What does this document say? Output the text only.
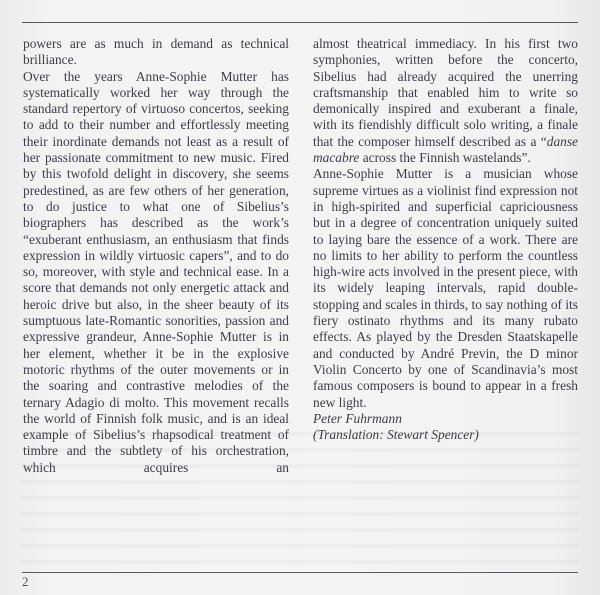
powers are as much in demand as technical brilliance.

Over the years Anne-Sophie Mutter has systematically worked her way through the standard repertory of virtuoso concertos, seeking to add to their number and effortlessly meeting their inordinate demands not least as a result of her passionate commitment to new music. Fired by this twofold delight in discovery, she seems predestined, as are few others of her generation, to do justice to what one of Sibelius’s biographers has described as the work’s “exuberant enthusiasm, an enthusiasm that finds expression in wildly virtuosic capers”, and to do so, moreover, with style and technical ease. In a score that demands not only energetic attack and heroic drive but also, in the sheer beauty of its sumptuous late-Romantic sonorities, passion and expressive grandeur, Anne-Sophie Mutter is in her element, whether it be in the explosive motoric rhythms of the outer movements or in the soaring and contrastive melodies of the ternary Adagio di molto. This movement recalls the world of Finnish folk music, and is an ideal example of Sibelius’s rhapsodical treatment of timbre and the subtlety of his orchestration, which acquires an

almost theatrical immediacy. In his first two symphonies, written before the concerto, Sibelius had already acquired the unerring craftsmanship that enabled him to write so demonically inspired and exuberant a finale, with its fiendishly difficult solo writing, a finale that the composer himself described as a “danse macabre across the Finnish wastelands”.

Anne-Sophie Mutter is a musician whose supreme virtues as a violinist find expression not in high-spirited and superficial capriciousness but in a degree of concentration uniquely suited to laying bare the essence of a work. There are no limits to her ability to perform the countless high-wire acts involved in the present piece, with its widely leaping intervals, rapid double-stopping and scales in thirds, to say nothing of its fiery ostinato rhythms and its many rubato effects. As played by the Dresden Staatskapelle and conducted by André Previn, the D minor Violin Concerto by one of Scandinavia’s most famous composers is bound to appear in a fresh new light.

Peter Fuhrmann

(Translation: Stewart Spencer)

2
